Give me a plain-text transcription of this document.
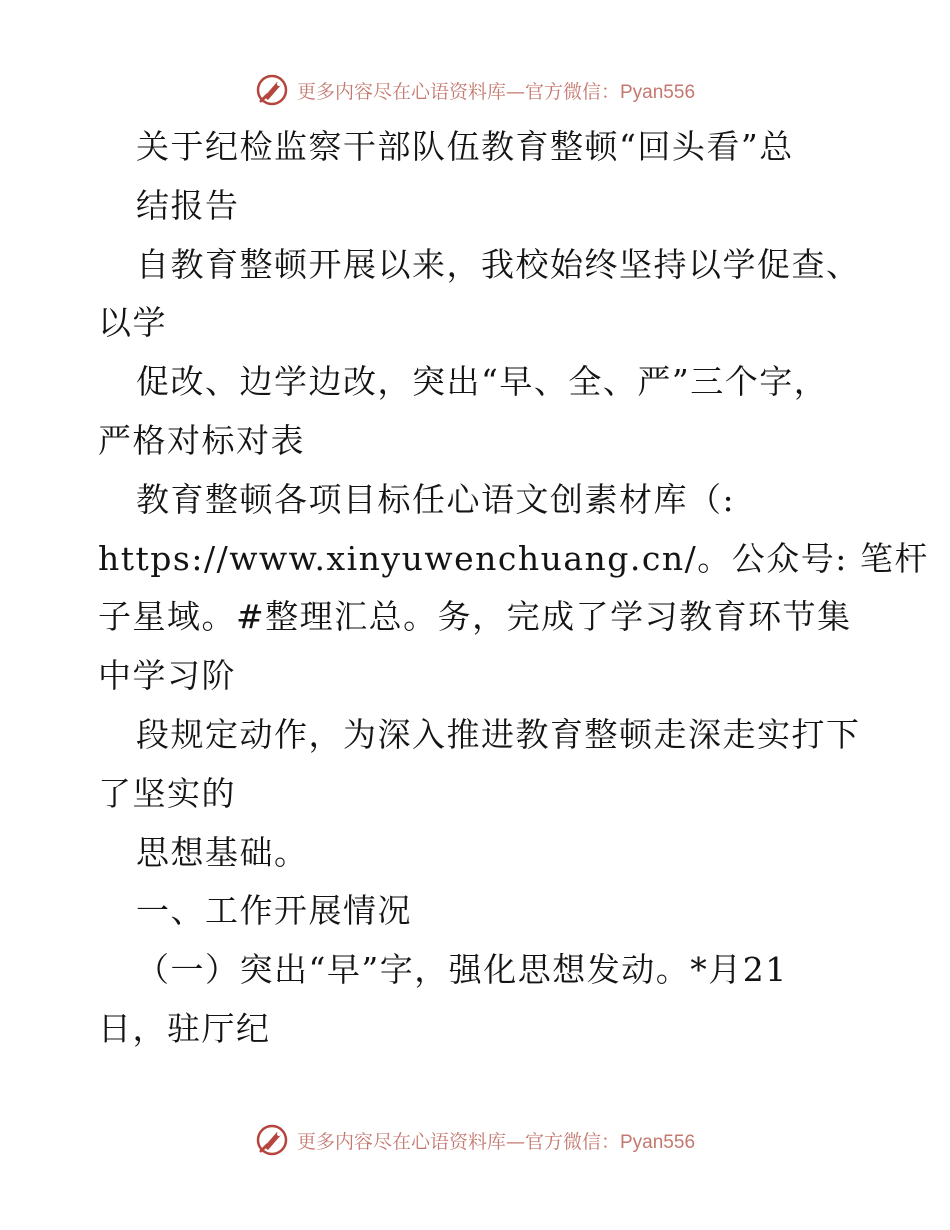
更多内容尽在心语资料库—官方微信：Pyan556
关于纪检监察干部队伍教育整顿“回头看”总
结报告
自教育整顿开展以来，我校始终坚持以学促查、
以学
促改、边学边改，突出“早、全、严”三个字，
严格对标对表
教育整顿各项目标任心语文创素材库（:
https://www.xinyuwenchuang.cn/。公众号: 笔杆
子星域。#整理汇总。务，完成了学习教育环节集
中学习阶
段规定动作，为深入推进教育整顿走深走实打下
了坚实的
思想基础。
一、工作开展情况
（一）突出“早”字，强化思想发动。*月21
日，驻厅纪
更多内容尽在心语资料库—官方微信：Pyan556
